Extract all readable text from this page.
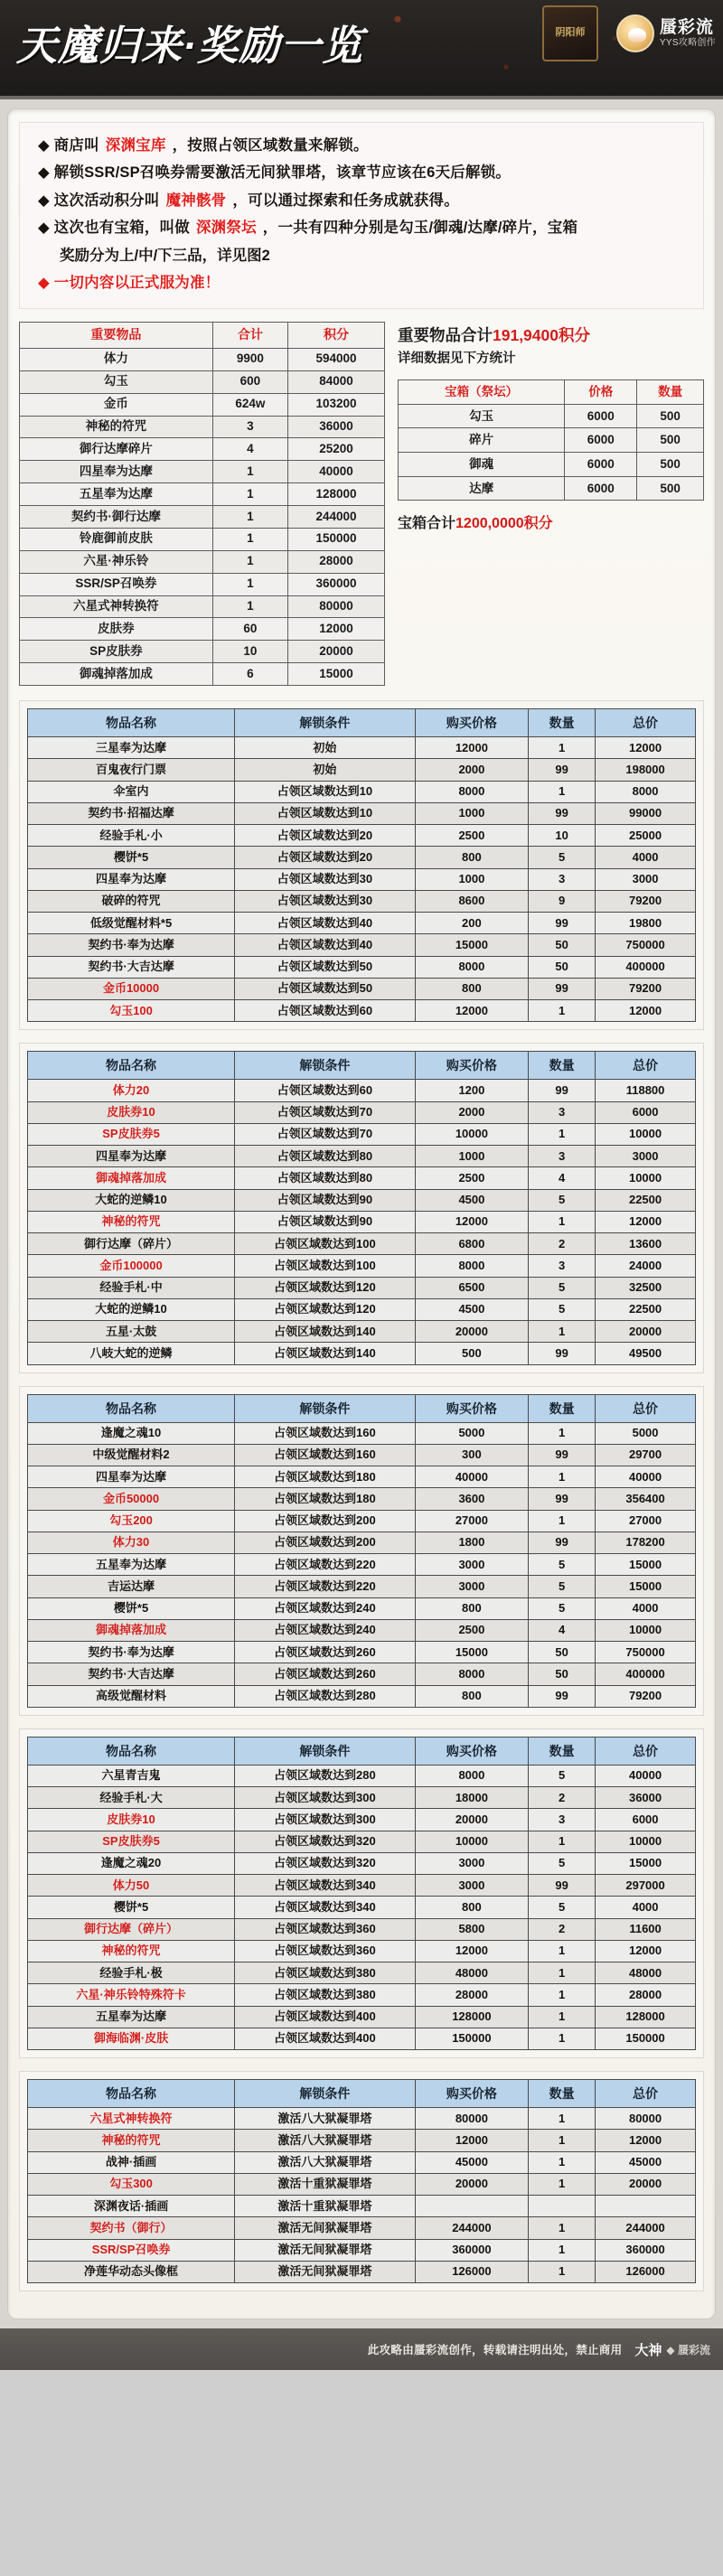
天魔归来·奖励一览	阴阳师	蜃彩流
YYS攻略创作
◆ 商店叫 深渊宝库 ，按照占领区域数量来解锁。
◆ 解锁SSR/SP召唤券需要激活无间狱罪塔，该章节应该在6天后解锁。
◆ 这次活动积分叫 魔神骸骨 ，可以通过探索和任务成就获得。
◆ 这次也有宝箱，叫做 深渊祭坛 ，一共有四种分别是勾玉/御魂/达摩/碎片，宝箱
奖励分为上/中/下三品，详见图2
◆ 一切内容以正式服为准！
重要物品	合计	积分
体力	9900	594000
勾玉	600	84000
金币	624w	103200
神秘的符咒	3	36000
御行达摩碎片	4	25200
四星奉为达摩	1	40000
五星奉为达摩	1	128000
契约书·御行达摩	1	244000
铃鹿御前皮肤	1	150000
六星·神乐铃	1	28000
SSR/SP召唤券	1	360000
六星式神转换符	1	80000
皮肤券	60	12000
SP皮肤券	10	20000
御魂掉落加成	6	15000
重要物品合计191,9400积分
详细数据见下方统计
宝箱（祭坛）	价格	数量
勾玉	6000	500
碎片	6000	500
御魂	6000	500
达摩	6000	500
宝箱合计1200,0000积分
物品名称	解锁条件	购买价格	数量	总价
三星奉为达摩	初始	12000	1	12000
百鬼夜行门票	初始	2000	99	198000
伞室内	占领区域数达到10	8000	1	8000
契约书·招福达摩	占领区域数达到10	1000	99	99000
经验手札·小	占领区域数达到20	2500	10	25000
樱饼*5	占领区域数达到20	800	5	4000
四星奉为达摩	占领区域数达到30	1000	3	3000
破碎的符咒	占领区域数达到30	8600	9	79200
低级觉醒材料*5	占领区域数达到40	200	99	19800
契约书·奉为达摩	占领区域数达到40	15000	50	750000
契约书·大吉达摩	占领区域数达到50	8000	50	400000
金币10000	占领区域数达到50	800	99	79200
勾玉100	占领区域数达到60	12000	1	12000
物品名称	解锁条件	购买价格	数量	总价
体力20	占领区域数达到60	1200	99	118800
皮肤券10	占领区域数达到70	2000	3	6000
SP皮肤券5	占领区域数达到70	10000	1	10000
四星奉为达摩	占领区域数达到80	1000	3	3000
御魂掉落加成	占领区域数达到80	2500	4	10000
大蛇的逆鳞10	占领区域数达到90	4500	5	22500
神秘的符咒	占领区域数达到90	12000	1	12000
御行达摩（碎片）	占领区域数达到100	6800	2	13600
金币100000	占领区域数达到100	8000	3	24000
经验手札·中	占领区域数达到120	6500	5	32500
大蛇的逆鳞10	占领区域数达到120	4500	5	22500
五星·太鼓	占领区域数达到140	20000	1	20000
八岐大蛇的逆鳞	占领区域数达到140	500	99	49500
物品名称	解锁条件	购买价格	数量	总价
逢魔之魂10	占领区域数达到160	5000	1	5000
中级觉醒材料2	占领区域数达到160	300	99	29700
四星奉为达摩	占领区域数达到180	40000	1	40000
金币50000	占领区域数达到180	3600	99	356400
勾玉200	占领区域数达到200	27000	1	27000
体力30	占领区域数达到200	1800	99	178200
五星奉为达摩	占领区域数达到220	3000	5	15000
吉运达摩	占领区域数达到220	3000	5	15000
樱饼*5	占领区域数达到240	800	5	4000
御魂掉落加成	占领区域数达到240	2500	4	10000
契约书·奉为达摩	占领区域数达到260	15000	50	750000
契约书·大吉达摩	占领区域数达到260	8000	50	400000
高级觉醒材料	占领区域数达到280	800	99	79200
物品名称	解锁条件	购买价格	数量	总价
六星青吉鬼	占领区域数达到280	8000	5	40000
经验手札·大	占领区域数达到300	18000	2	36000
皮肤券10	占领区域数达到300	20000	3	6000
SP皮肤券5	占领区域数达到320	10000	1	10000
逢魔之魂20	占领区域数达到320	3000	5	15000
体力50	占领区域数达到340	3000	99	297000
樱饼*5	占领区域数达到340	800	5	4000
御行达摩（碎片）	占领区域数达到360	5800	2	11600
神秘的符咒	占领区域数达到360	12000	1	12000
经验手札·极	占领区域数达到380	48000	1	48000
六星·神乐铃特殊符卡	占领区域数达到380	28000	1	28000
五星奉为达摩	占领区域数达到400	128000	1	128000
御海临渊·皮肤	占领区域数达到400	150000	1	150000
物品名称	解锁条件	购买价格	数量	总价
六星式神转换符	激活八大狱凝罪塔	80000	1	80000
神秘的符咒	激活八大狱凝罪塔	12000	1	12000
战神·插画	激活八大狱凝罪塔	45000	1	45000
勾玉300	激活十重狱凝罪塔	20000	1	20000
深渊夜话·插画	激活十重狱凝罪塔			
契约书（御行）	激活无间狱凝罪塔	244000	1	244000
SSR/SP召唤券	激活无间狱凝罪塔	360000	1	360000
净莲华动态头像框	激活无间狱凝罪塔	126000	1	126000
此攻略由蜃彩流创作，转载请注明出处，禁止商用 大神 ◆ 蜃彩流
